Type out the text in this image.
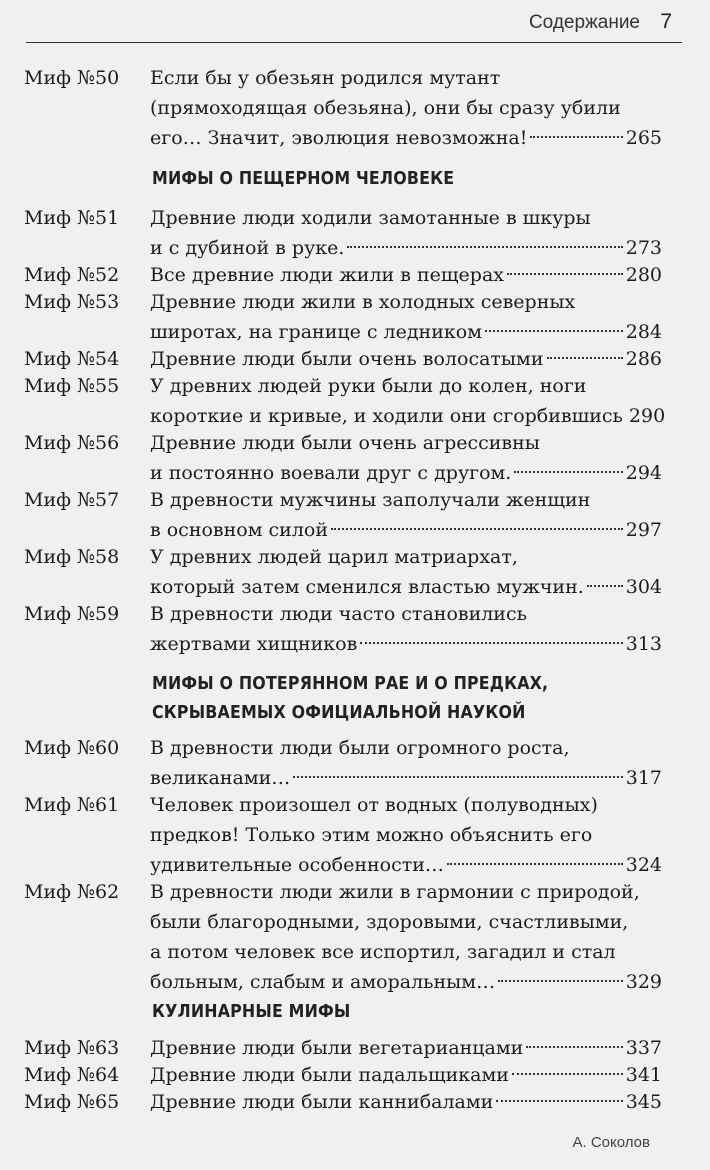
Содержание 7
Миф №50	Если бы у обезьян родился мутант
(прямоходящая обезьяна), они бы сразу убили
его… Значит, эволюция невозможна!	265
МИФЫ О ПЕЩЕРНОМ ЧЕЛОВЕКЕ
Миф №51	Древние люди ходили замотанные в шкуры
и с дубиной в руке.	273
Миф №52	Все древние люди жили в пещерах	280
Миф №53	Древние люди жили в холодных северных
широтах, на границе с ледником	284
Миф №54	Древние люди были очень волосатыми	286
Миф №55	У древних людей руки были до колен, ноги
короткие и кривые, и ходили они сгорбившись 290
Миф №56	Древние люди были очень агрессивны
и постоянно воевали друг с другом.	294
Миф №57	В древности мужчины заполучали женщин
в основном силой	297
Миф №58	У древних людей царил матриархат,
который затем сменился властью мужчин. 304
Миф №59	В древности люди часто становились
жертвами хищников	313
МИФЫ О ПОТЕРЯННОМ РАЕ И О ПРЕДКАХ,
СКРЫВАЕМЫХ ОФИЦИАЛЬНОЙ НАУКОЙ
Миф №60	В древности люди были огромного роста,
великанами…	317
Миф №61	Человек произошел от водных (полуводных)
предков! Только этим можно объяснить его
удивительные особенности…	324
Миф №62	В древности люди жили в гармонии с природой,
были благородными, здоровыми, счастливыми,
а потом человек все испортил, загадил и стал
больным, слабым и аморальным…	329
КУЛИНАРНЫЕ МИФЫ
Миф №63	Древние люди были вегетарианцами	337
Миф №64	Древние люди были падальщиками	341
Миф №65	Древние люди были каннибалами	345
А. Соколов
